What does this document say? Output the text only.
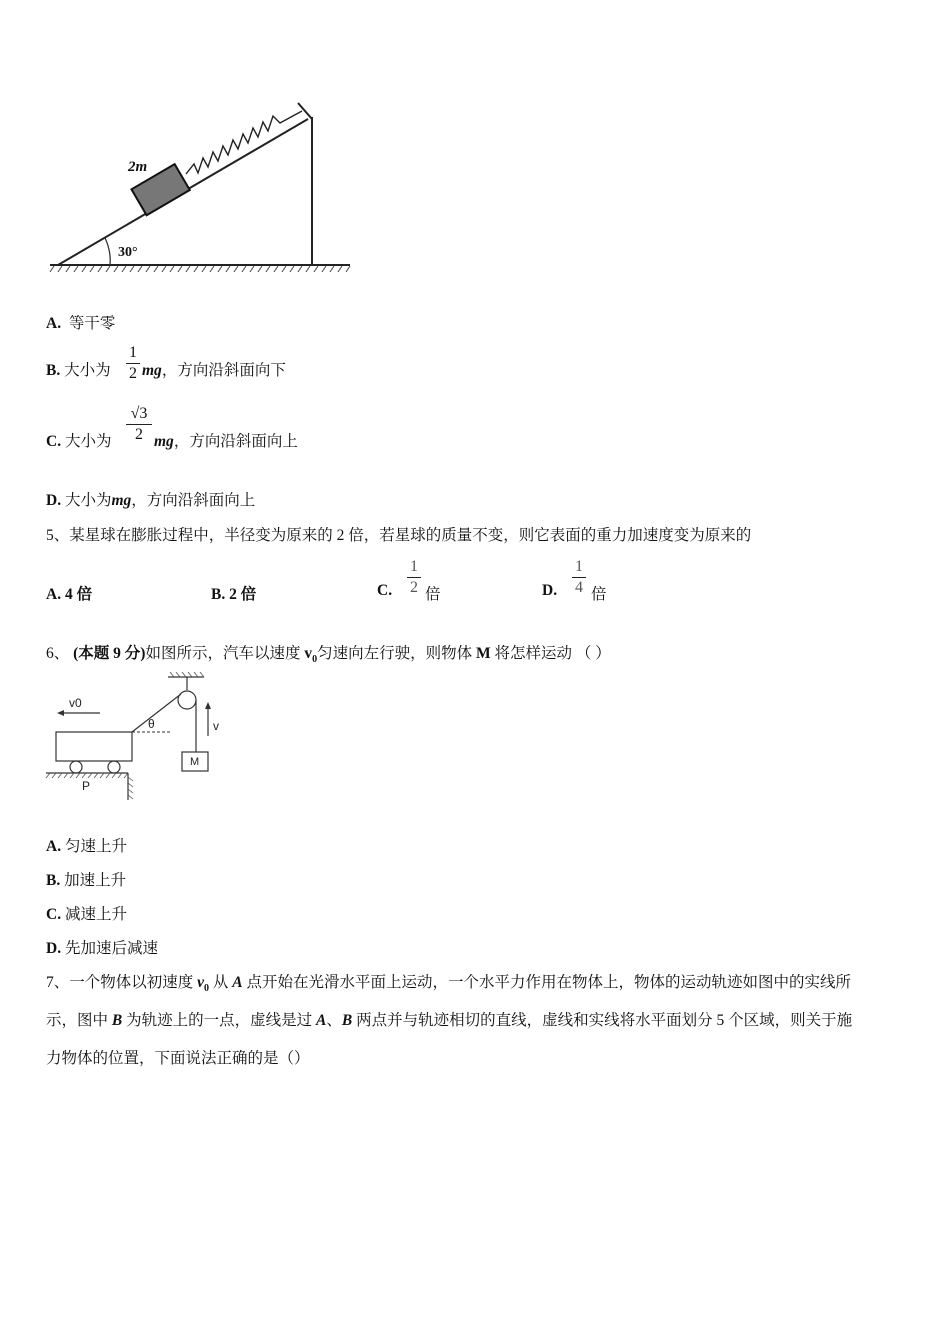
2m
30°
A. 等干零
B. 大小为
1
2 mg，方向沿斜面向下
C. 大小为
√3
2 mg，方向沿斜面向上
D. 大小为mg，方向沿斜面向上
5、某星球在膨胀过程中，半径变为原来的 2 倍，若星球的质量不变，则它表面的重力加速度变为原来的
A. 4 倍	B. 2 倍	C.
1
2 倍	D.
1
4 倍
6、 (本题 9 分)如图所示，汽车以速度 $v_0$匀速向左行驶，则物体 M 将怎样运动 （ ）
M
v
θ
P
v0
A. 匀速上升
B. 加速上升
C. 减速上升
D. 先加速后减速
7、一个物体以初速度 $v_0$ 从 A 点开始在光滑水平面上运动，一个水平力作用在物体上，物体的运动轨迹如图中的实线所
示，图中 B 为轨迹上的一点，虚线是过 A、B 两点并与轨迹相切的直线，虚线和实线将水平面划分 5 个区域，则关于施
力物体的位置，下面说法正确的是（）
